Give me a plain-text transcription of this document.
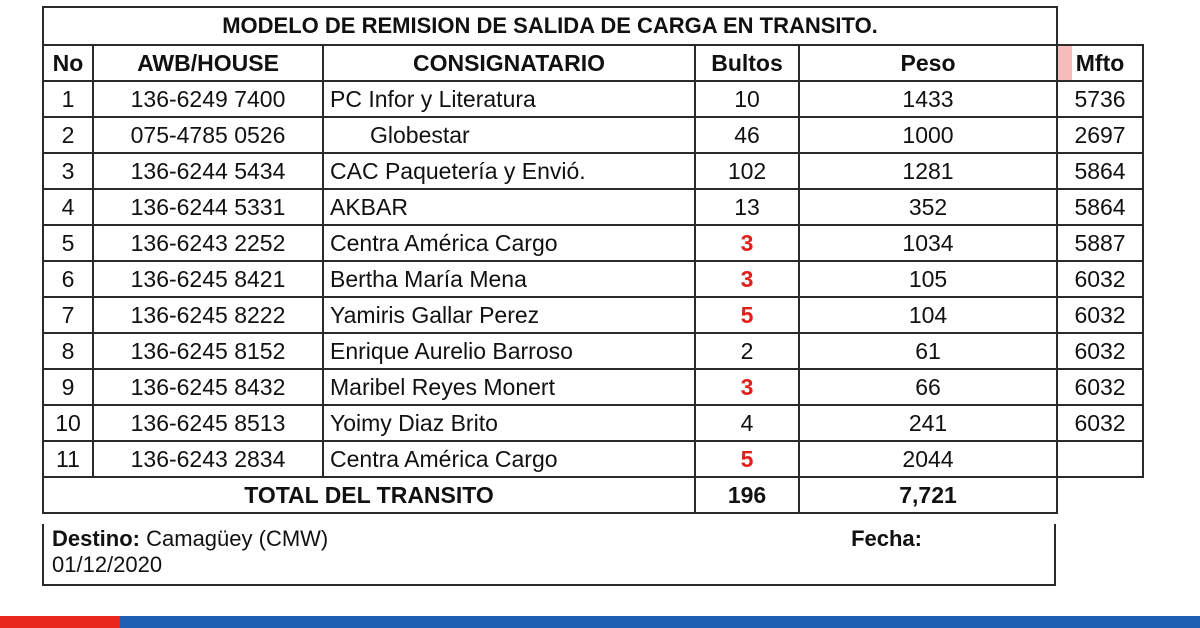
MODELO DE REMISION DE SALIDA DE CARGA EN TRANSITO.					
No	AWB/HOUSE	CONSIGNATARIO	Bultos	Peso	Mfto
1	136-6249 7400	PC Infor y Literatura	10	1433	5736
2	075-4785 0526	Globestar	46	1000	2697
3	136-6244 5434	CAC Paquetería y Envió.	102	1281	5864
4	136-6244 5331	AKBAR	13	352	5864
5	136-6243 2252	Centra América Cargo	3	1034	5887
6	136-6245 8421	Bertha María Mena	3	105	6032
7	136-6245 8222	Yamiris Gallar Perez	5	104	6032
8	136-6245 8152	Enrique Aurelio Barroso	2	61	6032
9	136-6245 8432	Maribel Reyes Monert	3	66	6032
10	136-6245 8513	Yoimy Diaz Brito	4	241	6032
11	136-6243 2834	Centra América Cargo	5	2044	
TOTAL DEL TRANSITO			196	7,721	
Destino: Camagüey (CMW)	Fecha:
01/12/2020
